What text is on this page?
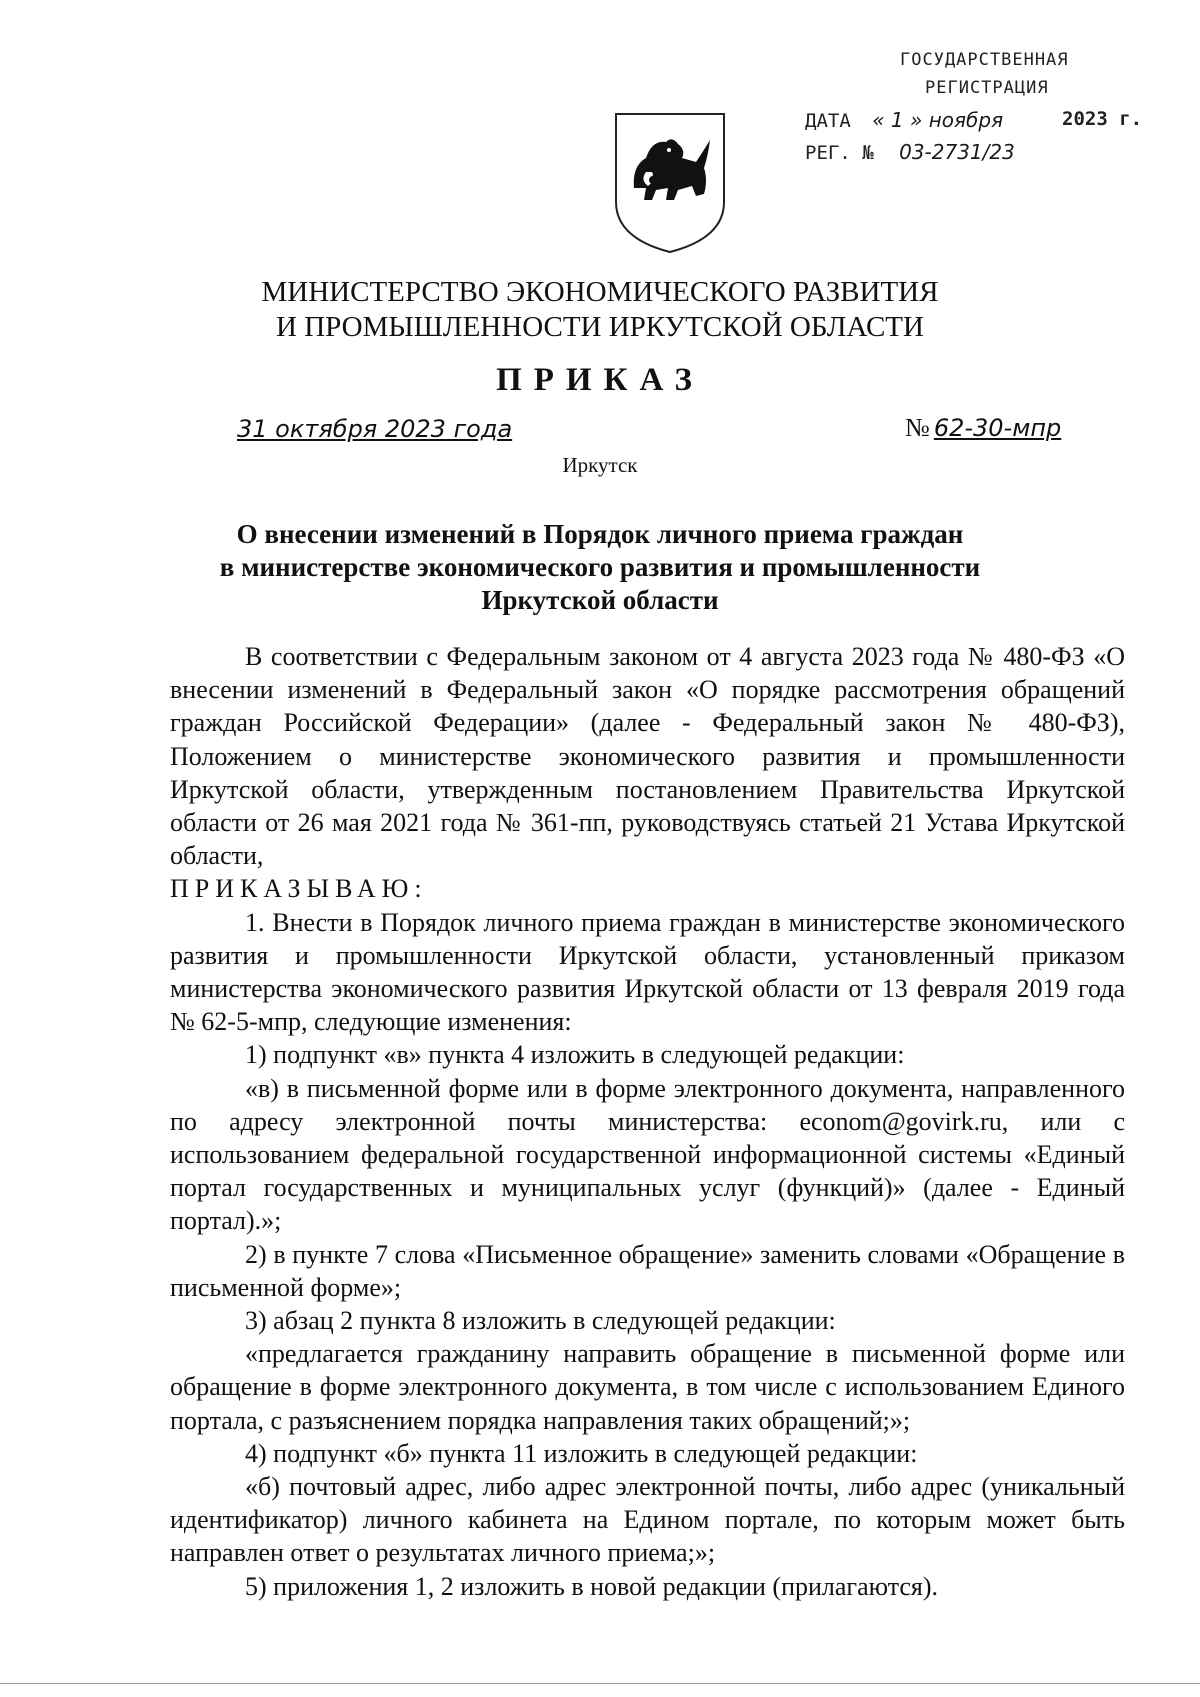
ГОСУДАРСТВЕННАЯ
РЕГИСТРАЦИЯ
ДАТА « 1 » ноября	2023 г.
РЕГ. № 03-2731/23
МИНИСТЕРСТВО ЭКОНОМИЧЕСКОГО РАЗВИТИЯ
И ПРОМЫШЛЕННОСТИ ИРКУТСКОЙ ОБЛАСТИ
ПРИКАЗ
31 октября 2023 года	№ 62-30-мпр
Иркутск
О внесении изменений в Порядок личного приема граждан
в министерстве экономического развития и промышленности
Иркутской области

В соответствии с Федеральным законом от 4 августа 2023 года № 480-ФЗ «О внесении изменений в Федеральный закон «О порядке рассмотрения обращений граждан Российской Федерации» (далее - Федеральный закон № 480-ФЗ), Положением о министерстве экономического развития и промышленности Иркутской области, утвержденным постановлением Правительства Иркутской области от 26 мая 2021 года № 361-пп, руководствуясь статьей 21 Устава Иркутской области,

ПРИКАЗЫВАЮ:

1. Внести в Порядок личного приема граждан в министерстве экономического развития и промышленности Иркутской области, установленный приказом министерства экономического развития Иркутской области от 13 февраля 2019 года № 62-5-мпр, следующие изменения:

1) подпункт «в» пункта 4 изложить в следующей редакции:

«в) в письменной форме или в форме электронного документа, направленного по адресу электронной почты министерства: econom@govirk.ru, или с использованием федеральной государственной информационной системы «Единый портал государственных и муниципальных услуг (функций)» (далее - Единый портал).»;

2) в пункте 7 слова «Письменное обращение» заменить словами «Обращение в письменной форме»;

3) абзац 2 пункта 8 изложить в следующей редакции:

«предлагается гражданину направить обращение в письменной форме или обращение в форме электронного документа, в том числе с использованием Единого портала, с разъяснением порядка направления таких обращений;»;

4) подпункт «б» пункта 11 изложить в следующей редакции:

«б) почтовый адрес, либо адрес электронной почты, либо адрес (уникальный идентификатор) личного кабинета на Едином портале, по которым может быть направлен ответ о результатах личного приема;»;

5) приложения 1, 2 изложить в новой редакции (прилагаются).
